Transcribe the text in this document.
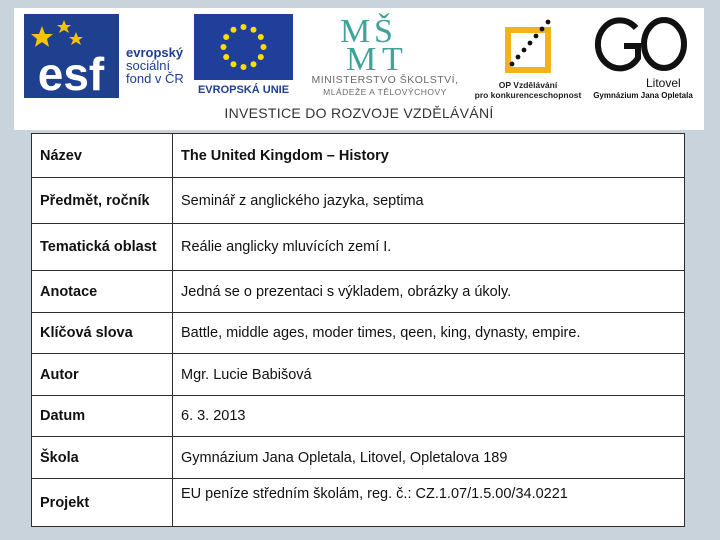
esf evropský
sociální
fond v ČR
EVROPSKÁ UNIE
M Š
M T
MINISTERSTVO ŠKOLSTVÍ,
MLÁDEŽE A TĚLOVÝCHOVY
OP Vzdělávání
pro konkurenceschopnost
Litovel
Gymnázium Jana Opletala
INVESTICE DO ROZVOJE VZDĚLÁVÁNÍ
Název	The United Kingdom – History
Předmět, ročník	Seminář z anglického jazyka, septima
Tematická oblast	Reálie anglicky mluvících zemí I.
Anotace	Jedná se o prezentaci s výkladem, obrázky a úkoly.
Klíčová slova	Battle, middle ages, moder times, qeen, king, dynasty, empire.
Autor	Mgr. Lucie Babišová
Datum	6. 3. 2013
Škola	Gymnázium Jana Opletala, Litovel, Opletalova 189
Projekt	EU peníze středním školám, reg. č.: CZ.1.07/1.5.00/34.0221
